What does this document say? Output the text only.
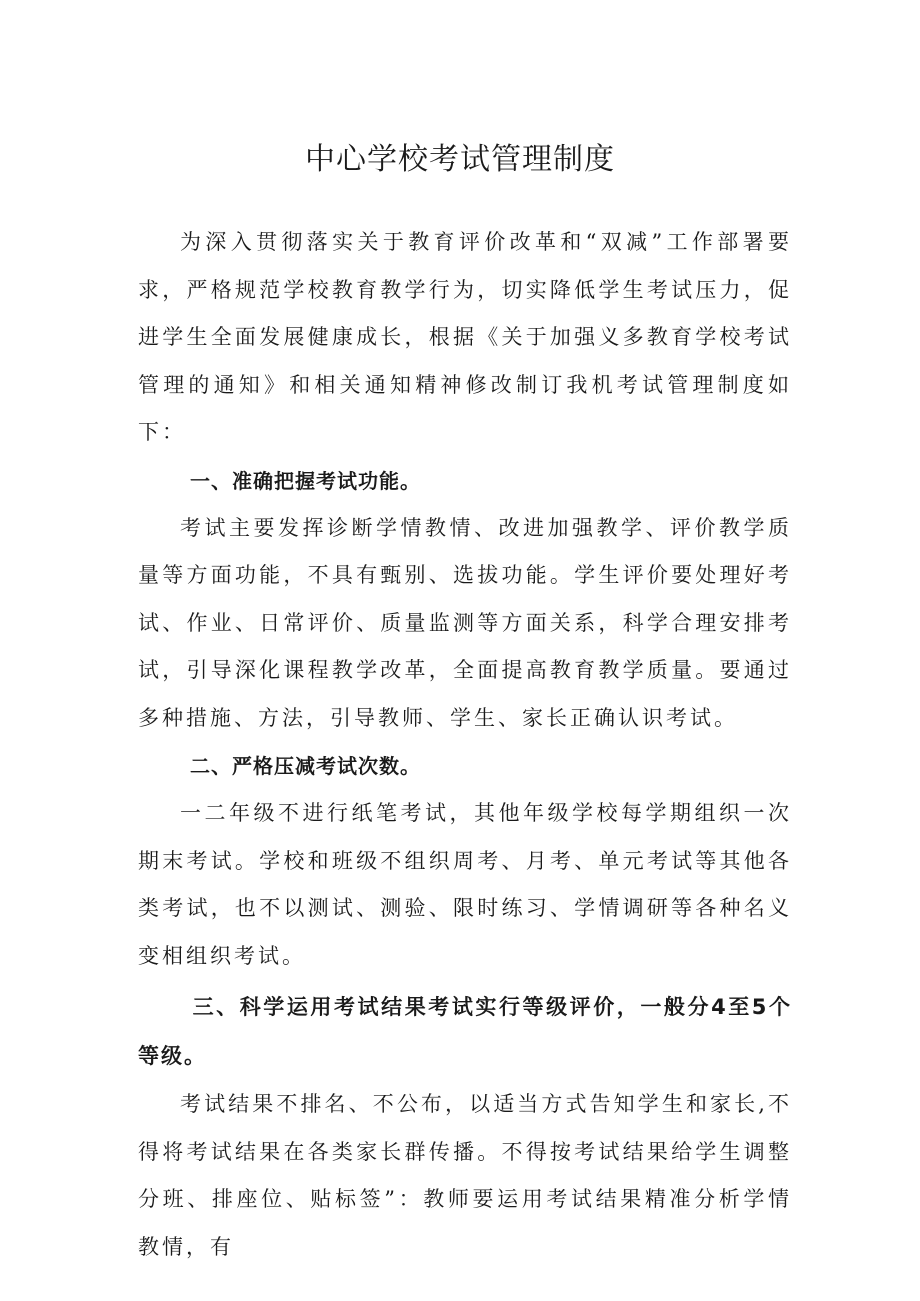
中心学校考试管理制度

为深入贯彻落实关于教育评价改革和“双减”工作部署要求，严格规范学校教育教学行为，切实降低学生考试压力，促进学生全面发展健康成长，根据《关于加强义多教育学校考试管理的通知》和相关通知精神修改制订我机考试管理制度如下：

一、准确把握考试功能。

考试主要发挥诊断学情教情、改进加强教学、评价教学质量等方面功能，不具有甄别、选拔功能。学生评价要处理好考试、作业、日常评价、质量监测等方面关系，科学合理安排考试，引导深化课程教学改革，全面提高教育教学质量。要通过多种措施、方法，引导教师、学生、家长正确认识考试。

二、严格压减考试次数。

一二年级不进行纸笔考试，其他年级学校每学期组织一次期末考试。学校和班级不组织周考、月考、单元考试等其他各类考试，也不以测试、测验、限时练习、学情调研等各种名义变相组织考试。

三、科学运用考试结果考试实行等级评价，一般分4至5个等级。

考试结果不排名、不公布，以适当方式告知学生和家长,不得将考试结果在各类家长群传播。不得按考试结果给学生调整分班、排座位、贴标签”：教师要运用考试结果精准分析学情教情，有
